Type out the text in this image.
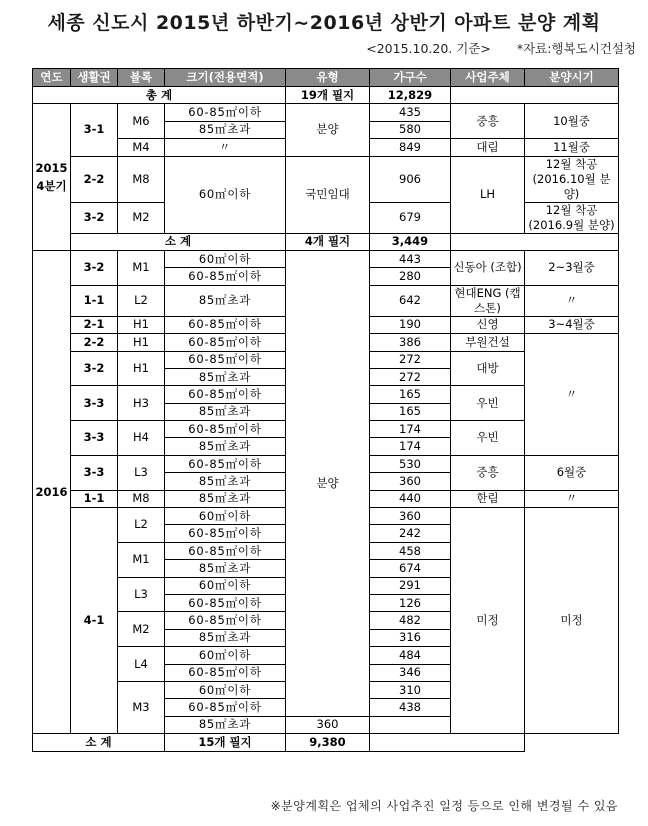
세종 신도시 2015년 하반기~2016년 상반기 아파트 분양 계획
<2015.10.20. 기준> *자료:행복도시건설청
연도	생활권	블록	크기(전용면적)	유형	가구수	사업주체	분양시기
총 계				19개 필지	12,829		
2015
4분기	3-1	M6	60-85㎡이하	분양	435	중흥	10월중
			85㎡초과		580		
		M4	〃		849	대림	11월중
	2-2	M8	60㎡이하	국민임대	906	LH	12월 착공 (2016.10월 분양)

	3-2	M2			679		12월 착공 (2016.9월 분양)

	소 계			4개 필지	3,449		
2016	3-2	M1	60㎡이하	분양	443	신동아 (조합)	2~3월중
			60-85㎡이하		280		
	1-1	L2	85㎡초과		642	현대ENG (캡스톤)	〃

	2-1	H1	60-85㎡이하		190	신영	3~4월중
	2-2	H1	60-85㎡이하		386	부원건설	〃
	3-2	H1	60-85㎡이하		272	대방	
			85㎡초과		272		
	3-3	H3	60-85㎡이하		165	우빈	
			85㎡초과		165		
	3-3	H4	60-85㎡이하		174	우빈	
			85㎡초과		174		
	3-3	L3	60-85㎡이하		530	중흥	6월중
			85㎡초과		360		
	1-1	M8	85㎡초과		440	한림	〃
	4-1	L2	60㎡이하		360	미정	미정
			60-85㎡이하		242		
		M1	60-85㎡이하		458		
			85㎡초과		674		
		L3	60㎡이하		291		
			60-85㎡이하		126		
		M2	60-85㎡이하		482		
			85㎡초과		316		
		L4	60㎡이하		484		
			60-85㎡이하		346		
		M3	60㎡이하		310		
			60-85㎡이하		438		
			85㎡초과	360			
소 계			15개 필지	9,380			
※분양계획은 업체의 사업추진 일정 등으로 인해 변경될 수 있음
